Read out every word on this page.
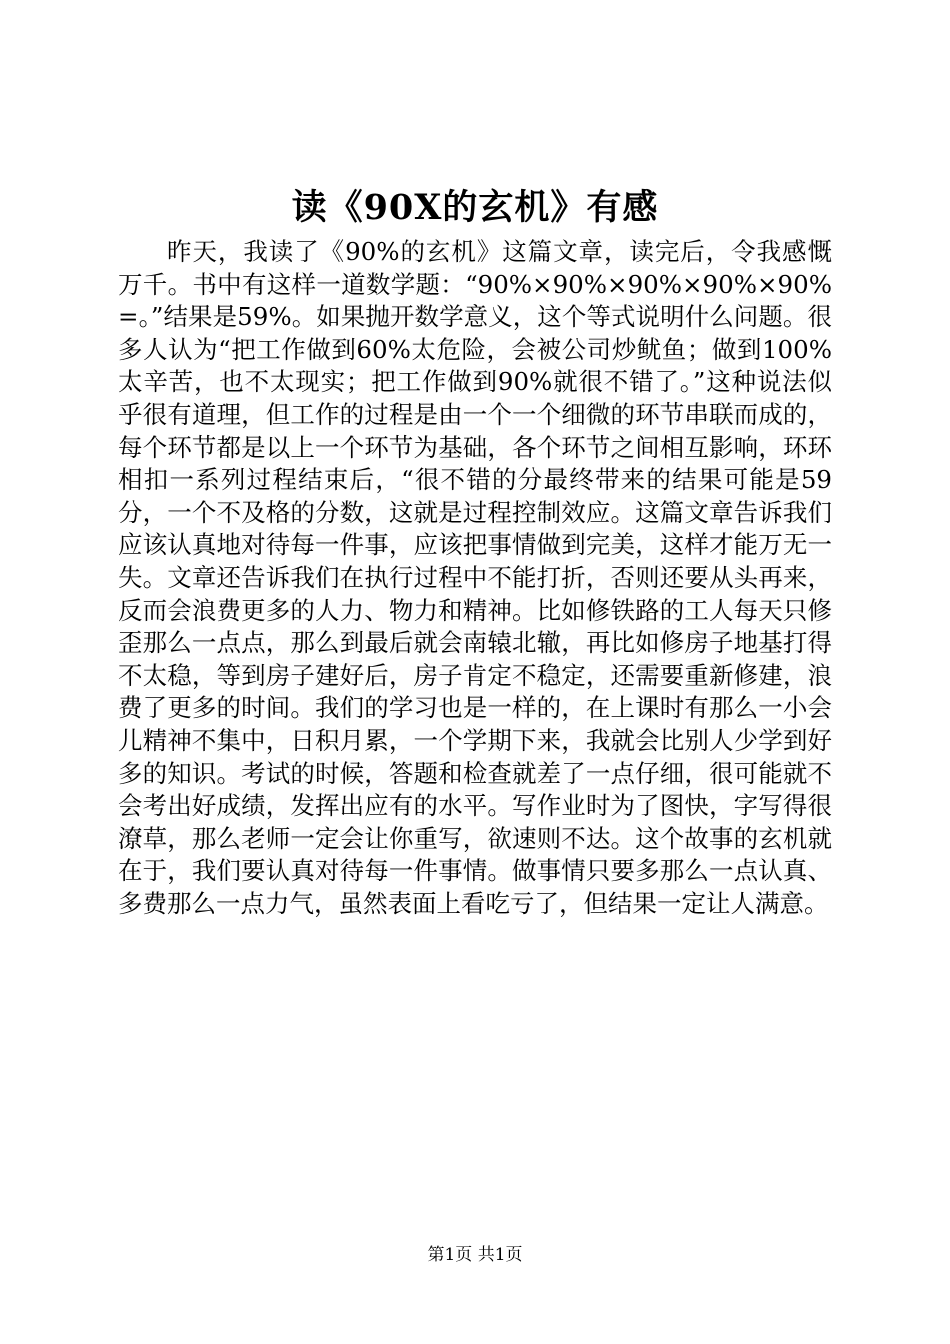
读《90X的玄机》有感

昨天，我读了《90%的玄机》这篇文章，读完后，令我感慨万千。书中有这样一道数学题：“90%×90%×90%×90%×90%=。”结果是59%。如果抛开数学意义，这个等式说明什么问题。很多人认为“把工作做到60%太危险，会被公司炒鱿鱼；做到100%太辛苦，也不太现实；把工作做到90%就很不错了。”这种说法似乎很有道理，但工作的过程是由一个一个细微的环节串联而成的，每个环节都是以上一个环节为基础，各个环节之间相互影响，环环相扣一系列过程结束后，“很不错的分最终带来的结果可能是59分，一个不及格的分数，这就是过程控制效应。这篇文章告诉我们应该认真地对待每一件事，应该把事情做到完美，这样才能万无一失。文章还告诉我们在执行过程中不能打折，否则还要从头再来，反而会浪费更多的人力、物力和精神。比如修铁路的工人每天只修歪那么一点点，那么到最后就会南辕北辙，再比如修房子地基打得不太稳，等到房子建好后，房子肯定不稳定，还需要重新修建，浪费了更多的时间。我们的学习也是一样的，在上课时有那么一小会儿精神不集中，日积月累，一个学期下来，我就会比别人少学到好多的知识。考试的时候，答题和检查就差了一点仔细，很可能就不会考出好成绩，发挥出应有的水平。写作业时为了图快，字写得很潦草，那么老师一定会让你重写，欲速则不达。这个故事的玄机就在于，我们要认真对待每一件事情。做事情只要多那么一点认真、多费那么一点力气，虽然表面上看吃亏了，但结果一定让人满意。

第1页 共1页
